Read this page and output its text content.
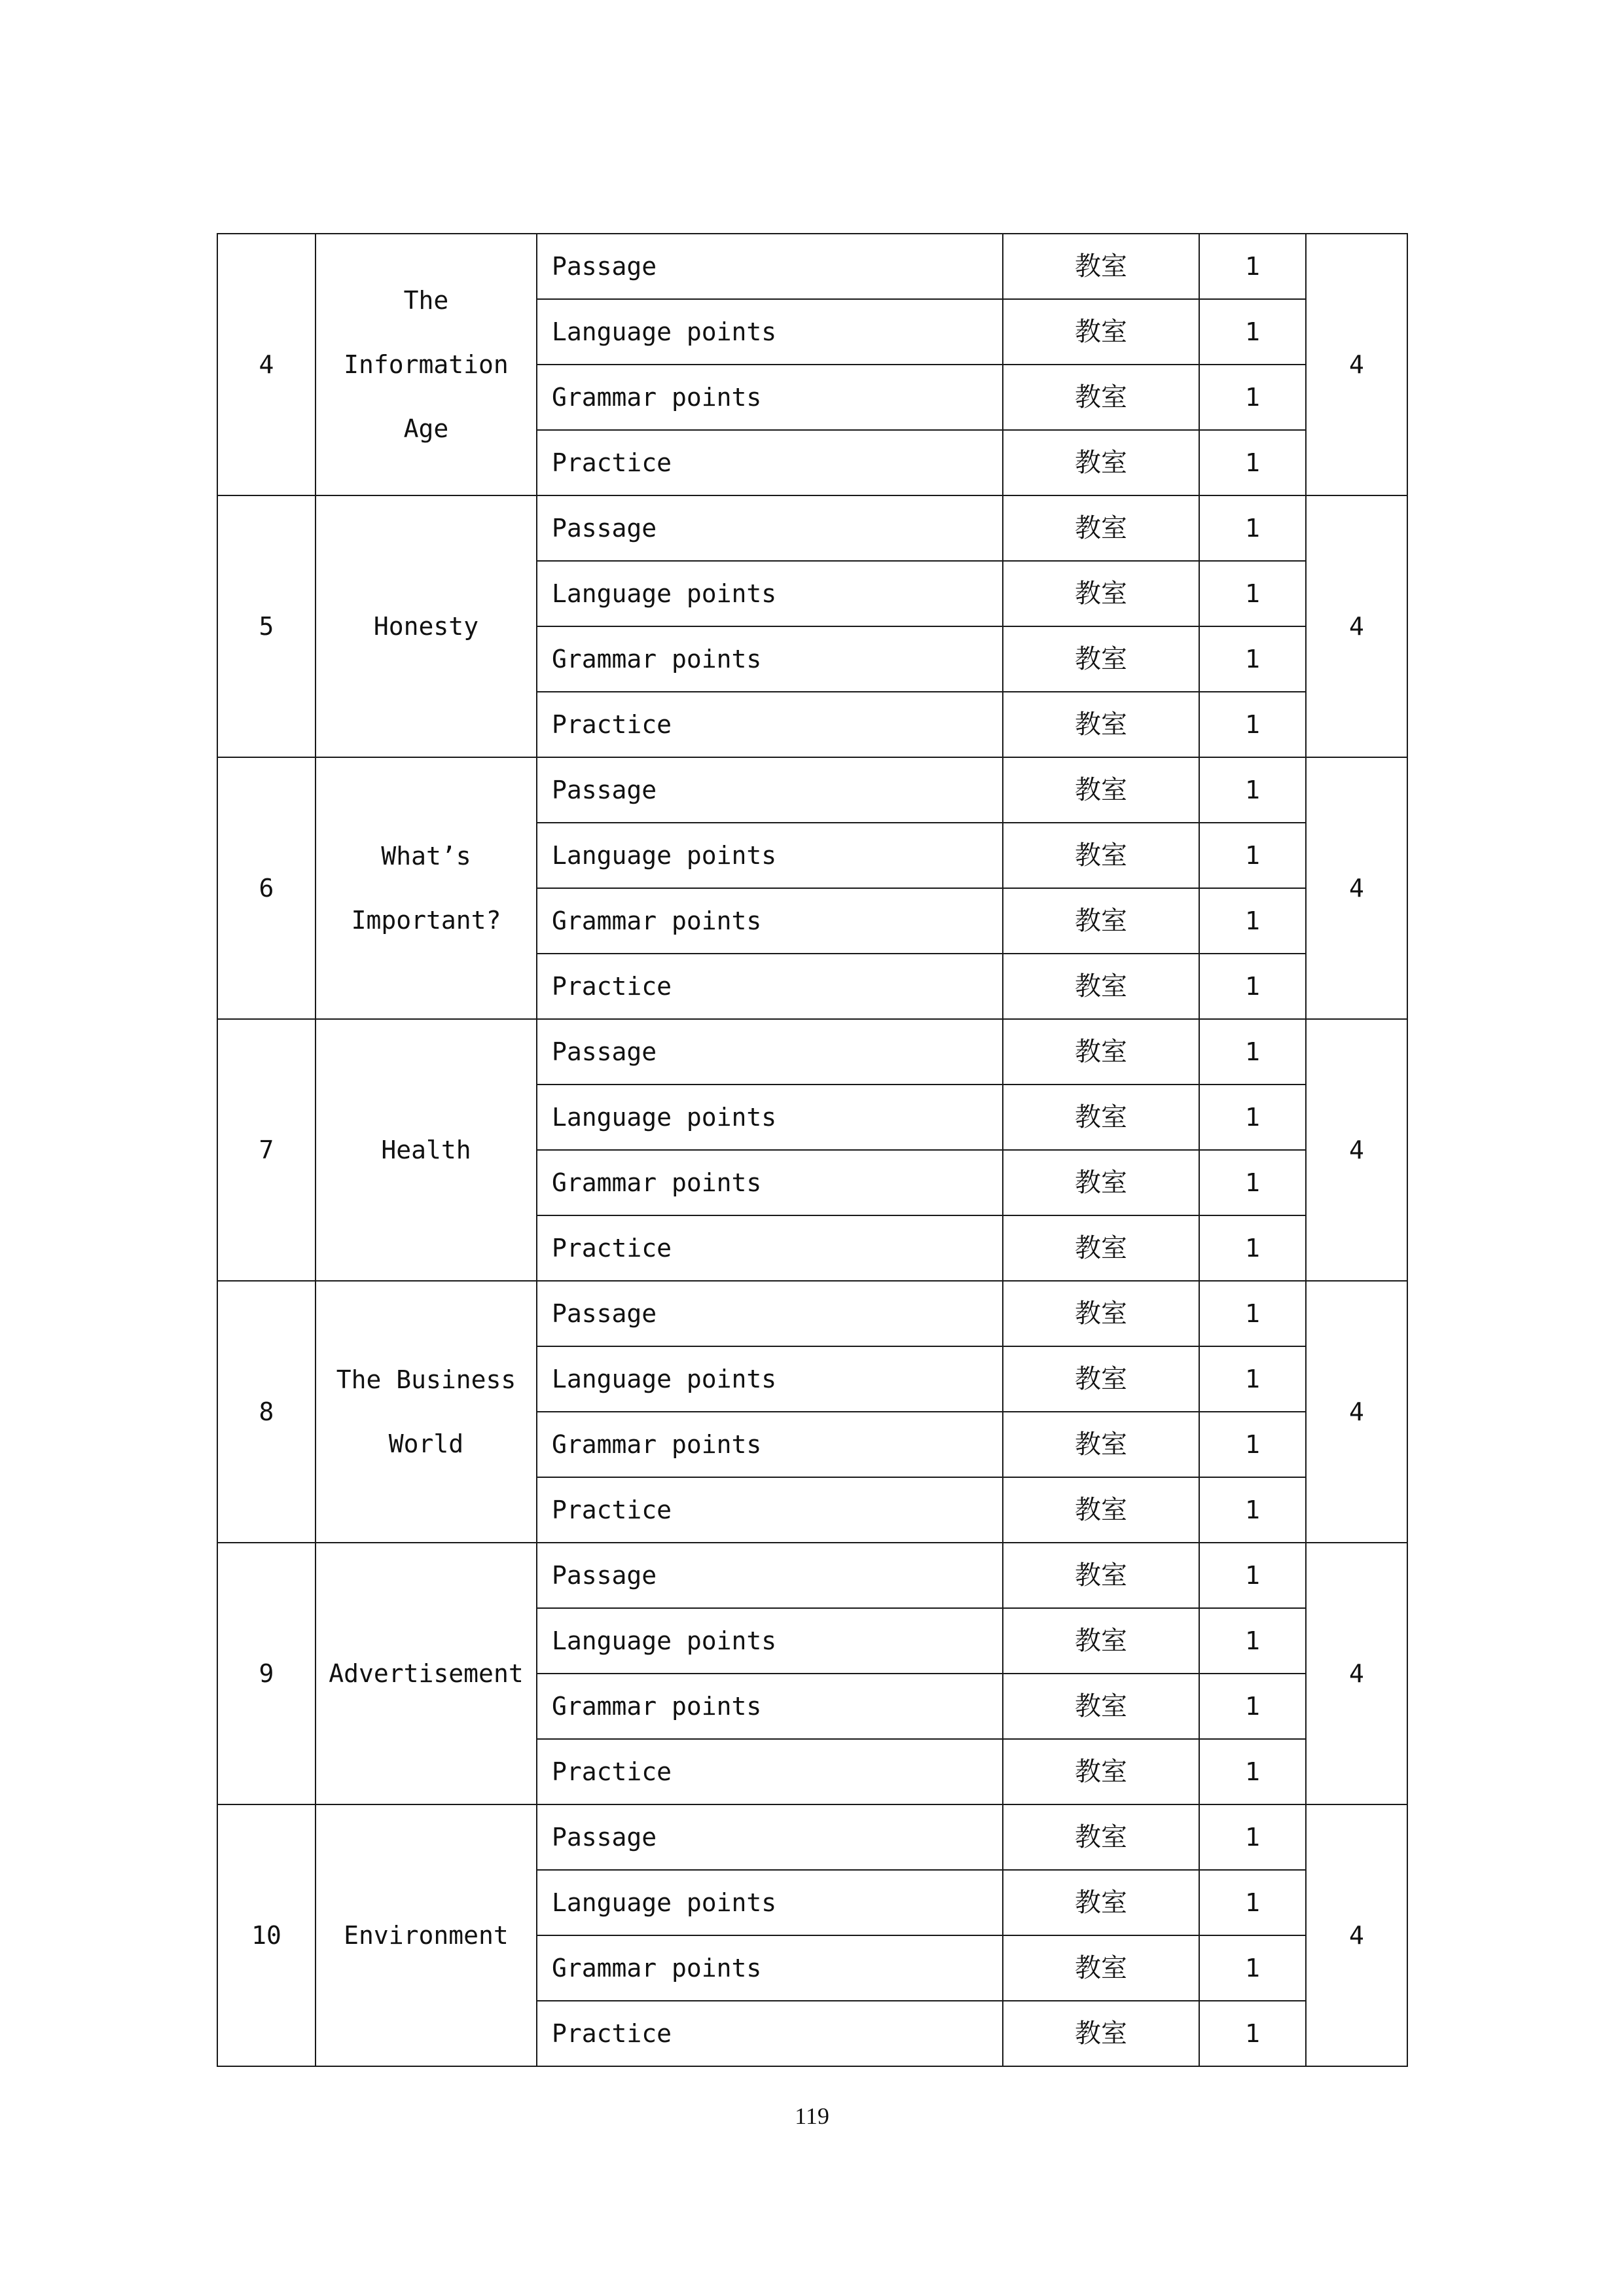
4	The Information Age	Passage	教室	1	4
		Language points	教室	1	
		Grammar points	教室	1	
		Practice	教室	1	
5	Honesty	Passage	教室	1	4
		Language points	教室	1	
		Grammar points	教室	1	
		Practice	教室	1	
6	What’s Important?	Passage	教室	1	4
		Language points	教室	1	
		Grammar points	教室	1	
		Practice	教室	1	
7	Health	Passage	教室	1	4
		Language points	教室	1	
		Grammar points	教室	1	
		Practice	教室	1	
8	The Business World	Passage	教室	1	4
		Language points	教室	1	
		Grammar points	教室	1	
		Practice	教室	1	
9	Advertisement	Passage	教室	1	4
		Language points	教室	1	
		Grammar points	教室	1	
		Practice	教室	1	
10	Environment	Passage	教室	1	4
		Language points	教室	1	
		Grammar points	教室	1	
		Practice	教室	1	
119
